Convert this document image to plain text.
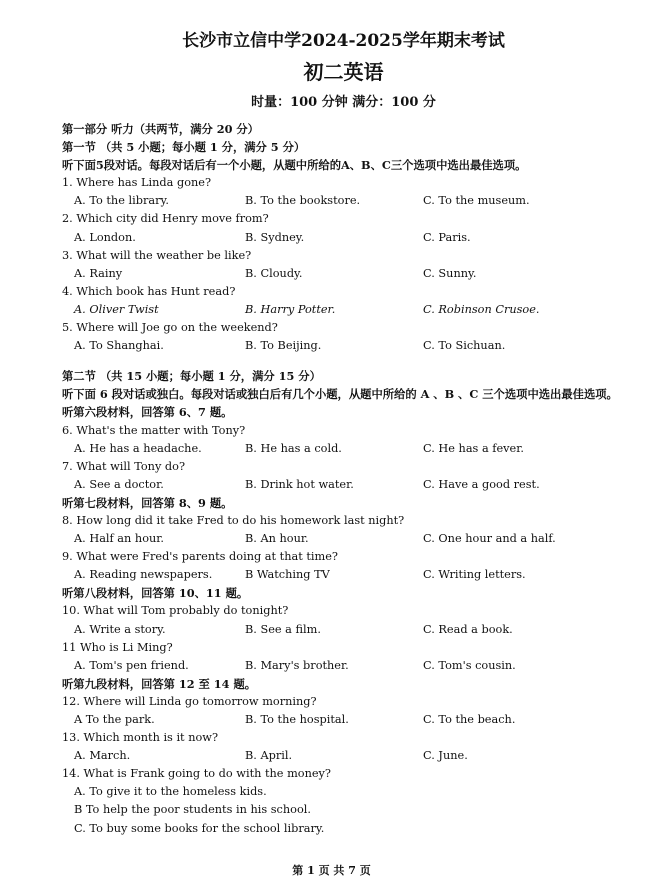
长沙市立信中学2024-2025学年期末考试
初二英语
时量：100 分钟 满分：100 分
第一部分 听力（共两节，满分 20 分）
第一节 （共 5 小题；每小题 1 分，满分 5 分）
听下面5段对话。每段对话后有一个小题，从题中所给的A、B、C三个选项中选出最佳选项。
1. Where has Linda gone?
A. To the library.	B. To the bookstore.	C. To the museum.
2. Which city did Henry move from?
A. London.	B. Sydney.	C. Paris.
3. What will the weather be like?
A. Rainy	B. Cloudy.	C. Sunny.
4. Which book has Hunt read?
A. Oliver Twist	B. Harry Potter.	C. Robinson Crusoe.
5. Where will Joe go on the weekend?
A. To Shanghai.	B. To Beijing.	C. To Sichuan.
第二节 （共 15 小题；每小题 1 分，满分 15 分）
听下面 6 段对话或独白。每段对话或独白后有几个小题，从题中所给的 A 、B 、C 三个选项中选出最佳选项。
听第六段材料，回答第 6、7 题。
6. What's the matter with Tony?
A. He has a headache.	B. He has a cold.	C. He has a fever.
7. What will Tony do?
A. See a doctor.	B. Drink hot water.	C. Have a good rest.
听第七段材料，回答第 8、9 题。
8. How long did it take Fred to do his homework last night?
A. Half an hour.	B. An hour.	C. One hour and a half.
9. What were Fred's parents doing at that time?
A. Reading newspapers.	B Watching TV	C. Writing letters.
听第八段材料，回答第 10、11 题。
10. What will Tom probably do tonight?
A. Write a story.	B. See a film.	C. Read a book.
11 Who is Li Ming?
A. Tom's pen friend.	B. Mary's brother.	C. Tom's cousin.
听第九段材料，回答第 12 至 14 题。
12. Where will Linda go tomorrow morning?
A To the park.	B. To the hospital.	C. To the beach.
13. Which month is it now?
A. March.	B. April.	C. June.
14. What is Frank going to do with the money?
A. To give it to the homeless kids.
B To help the poor students in his school.
C. To buy some books for the school library.
第 1 页 共 7 页
